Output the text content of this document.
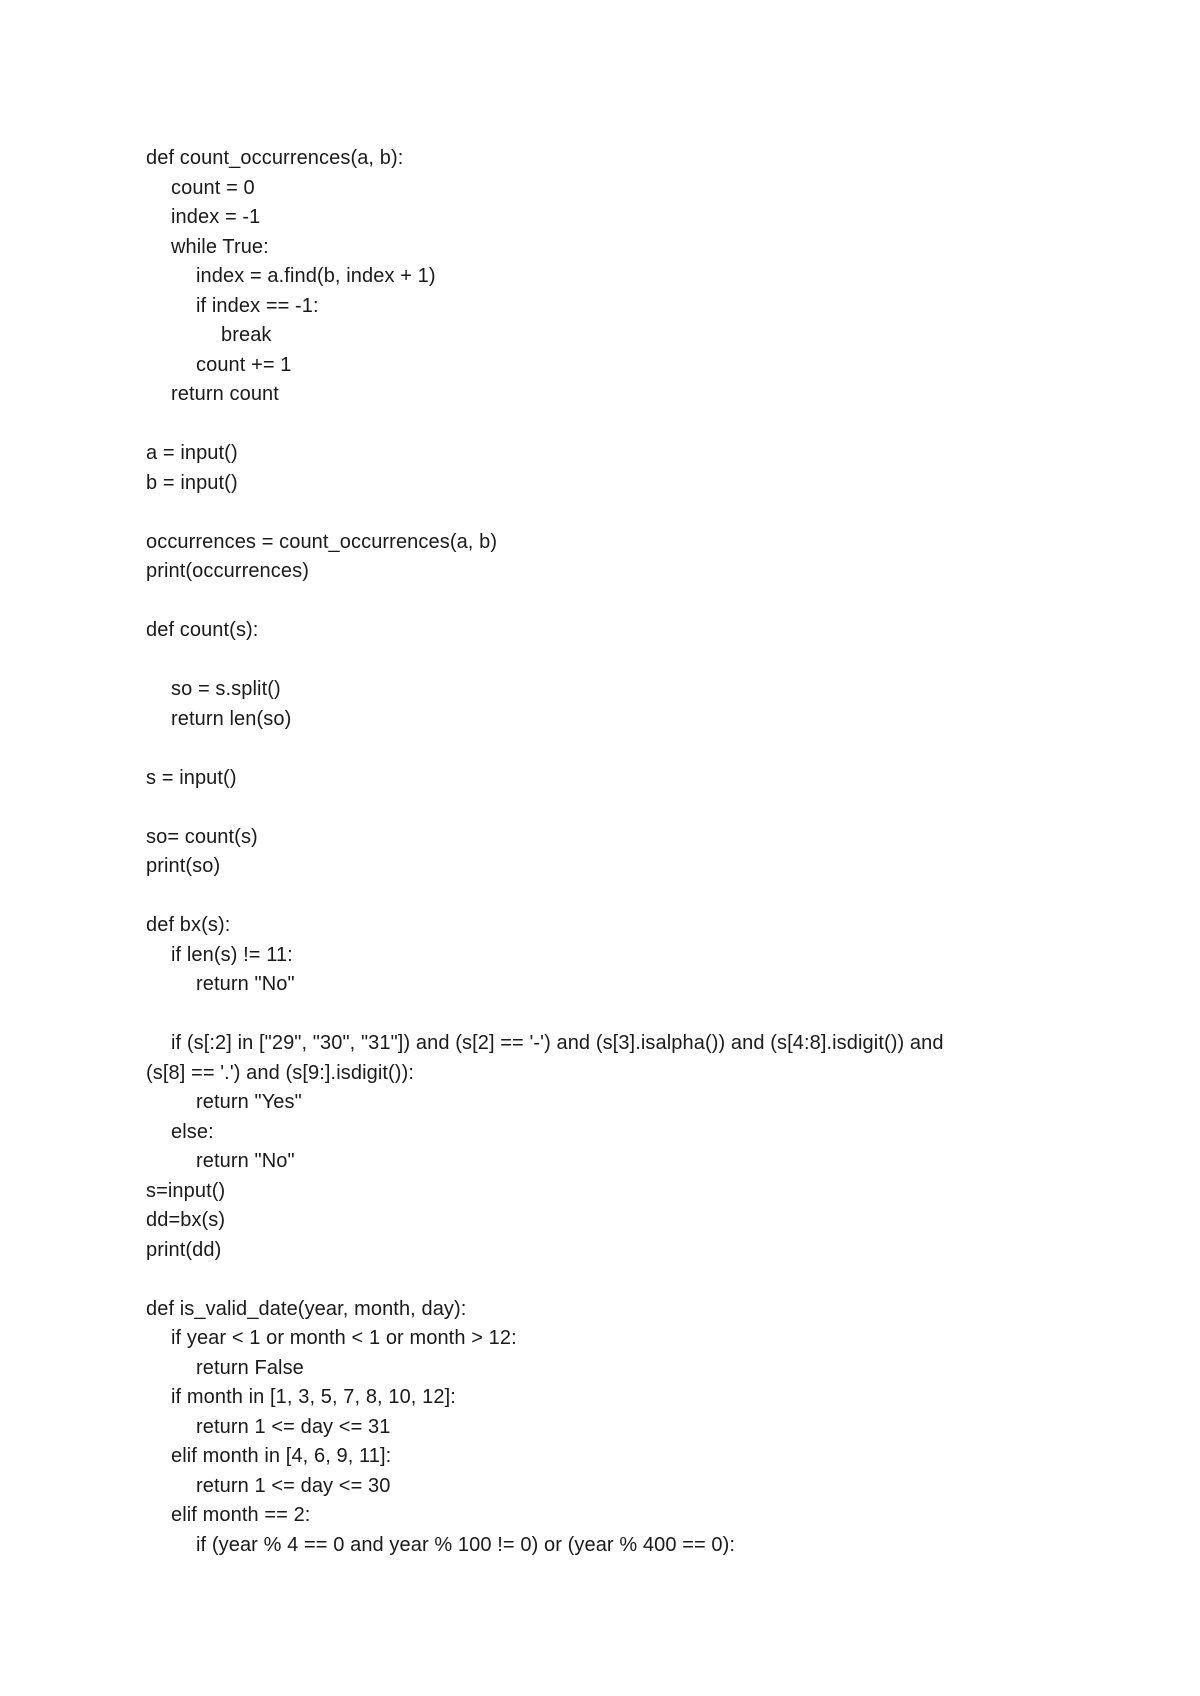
def count_occurrences(a, b):
count = 0
index = -1
while True:
index = a.find(b, index + 1)
if index == -1:
break
count += 1
return count
a = input()
b = input()
occurrences = count_occurrences(a, b)
print(occurrences)
def count(s):
so = s.split()
return len(so)
s = input()
so= count(s)
print(so)
def bx(s):
if len(s) != 11:
return "No"
if (s[:2] in ["29", "30", "31"]) and (s[2] == '-') and (s[3].isalpha()) and (s[4:8].isdigit()) and
(s[8] == '.') and (s[9:].isdigit()):
return "Yes"
else:
return "No"
s=input()
dd=bx(s)
print(dd)
def is_valid_date(year, month, day):
if year < 1 or month < 1 or month > 12:
return False
if month in [1, 3, 5, 7, 8, 10, 12]:
return 1 <= day <= 31
elif month in [4, 6, 9, 11]:
return 1 <= day <= 30
elif month == 2:
if (year % 4 == 0 and year % 100 != 0) or (year % 400 == 0):
